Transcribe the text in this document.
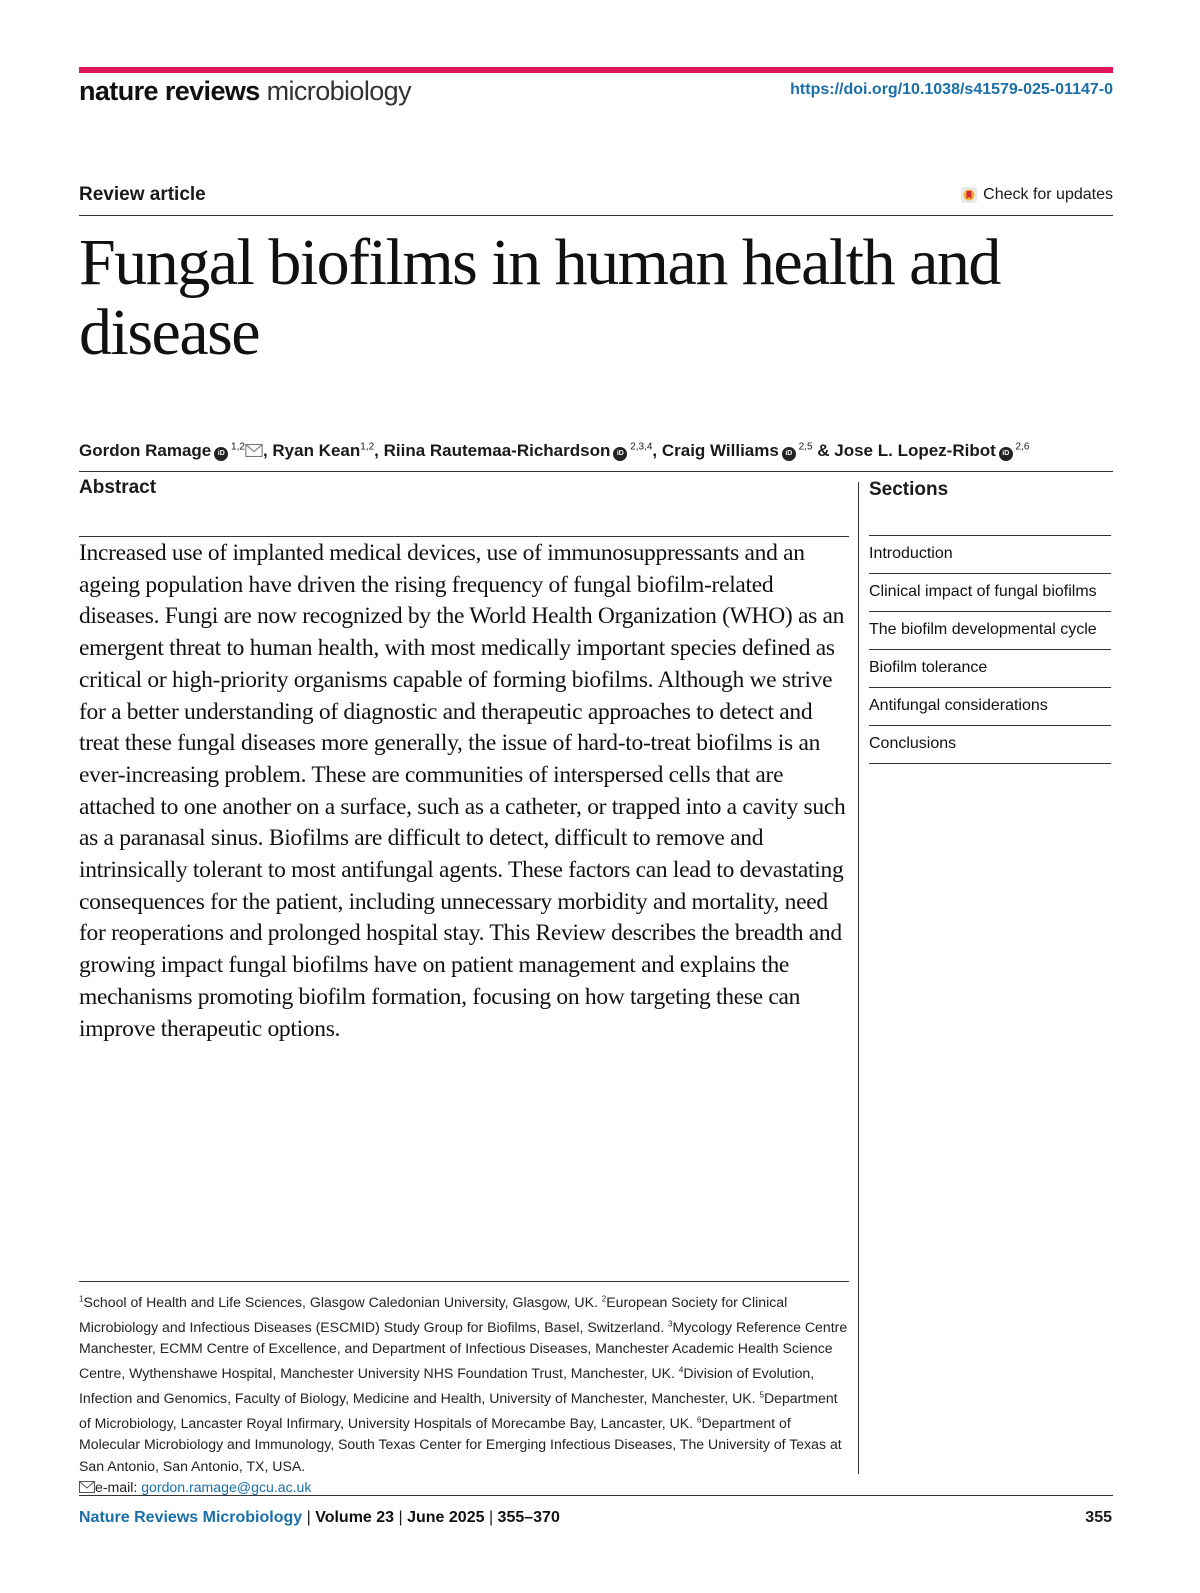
nature reviews microbiology	https://doi.org/10.1038/s41579-025-01147-0
Review article	Check for updates
Fungal biofilms in human health and disease
Gordon Ramage iD $^{1,2}$ , Ryan Kean$^{1,2}$, Riina Rautemaa-Richardson iD $^{2,3,4}$, Craig Williams iD $^{2,5}$ & Jose L. Lopez-Ribot iD $^{2,6}$
Abstract
Increased use of implanted medical devices, use of immunosuppressants and an ageing population have driven the rising frequency of fungal biofilm-related diseases. Fungi are now recognized by the World Health Organization (WHO) as an emergent threat to human health, with most medically important species defined as critical or high-priority organisms capable of forming biofilms. Although we strive for a better understanding of diagnostic and therapeutic approaches to detect and treat these fungal diseases more generally, the issue of hard-to-treat biofilms is an ever-increasing problem. These are communities of interspersed cells that are attached to one another on a surface, such as a catheter, or trapped into a cavity such as a paranasal sinus. Biofilms are difficult to detect, difficult to remove and intrinsically tolerant to most antifungal agents. These factors can lead to devastating consequences for the patient, including unnecessary morbidity and mortality, need for reoperations and prolonged hospital stay. This Review describes the breadth and growing impact fungal biofilms have on patient management and explains the mechanisms promoting biofilm formation, focusing on how targeting these can improve therapeutic options.
Sections
Introduction
Clinical impact of fungal biofilms
The biofilm developmental cycle
Biofilm tolerance
Antifungal considerations
Conclusions
$^1$School of Health and Life Sciences, Glasgow Caledonian University, Glasgow, UK. $^2$European Society for Clinical Microbiology and Infectious Diseases (ESCMID) Study Group for Biofilms, Basel, Switzerland. $^3$Mycology Reference Centre Manchester, ECMM Centre of Excellence, and Department of Infectious Diseases, Manchester Academic Health Science Centre, Wythenshawe Hospital, Manchester University NHS Foundation Trust, Manchester, UK. $^4$Division of Evolution, Infection and Genomics, Faculty of Biology, Medicine and Health, University of Manchester, Manchester, UK. $^5$Department of Microbiology, Lancaster Royal Infirmary, University Hospitals of Morecambe Bay, Lancaster, UK. $^6$Department of Molecular Microbiology and Immunology, South Texas Center for Emerging Infectious Diseases, The University of Texas at San Antonio, San Antonio, TX, USA.
e-mail: gordon.ramage@gcu.ac.uk
Nature Reviews Microbiology | Volume 23 | June 2025 | 355–370	355
